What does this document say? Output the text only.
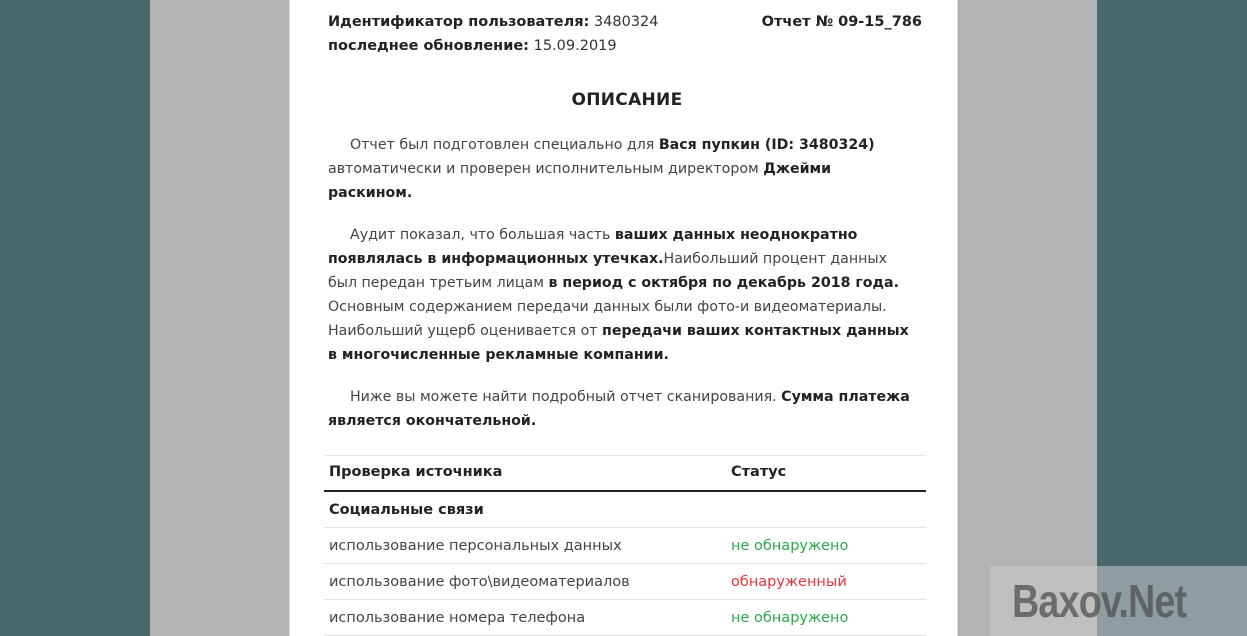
Идентификатор пользователя: 3480324
последнее обновление: 15.09.2019
Отчет № 09-15_786
ОПИСАНИЕ

Отчет был подготовлен специально для Вася пупкин (ID: 3480324)
автоматически и проверен исполнительным директором Джейми раскином.

Аудит показал, что большая часть ваших данных неоднократно появлялась в информационных утечках.Наибольший процент данных был передан третьим лицам в период с октября по декабрь 2018 года. Основным содержанием передачи данных были фото-и видеоматериалы. Наибольший ущерб оценивается от передачи ваших контактных данных в многочисленные рекламные компании.

Ниже вы можете найти подробный отчет сканирования. Сумма платежа является окончательной.

Проверка источника	Статус
Социальные связи	
использование персональных данных	не обнаружено
использование фото\видеоматериалов	обнаруженный
использование номера телефона	не обнаружено	Baxov.Net
